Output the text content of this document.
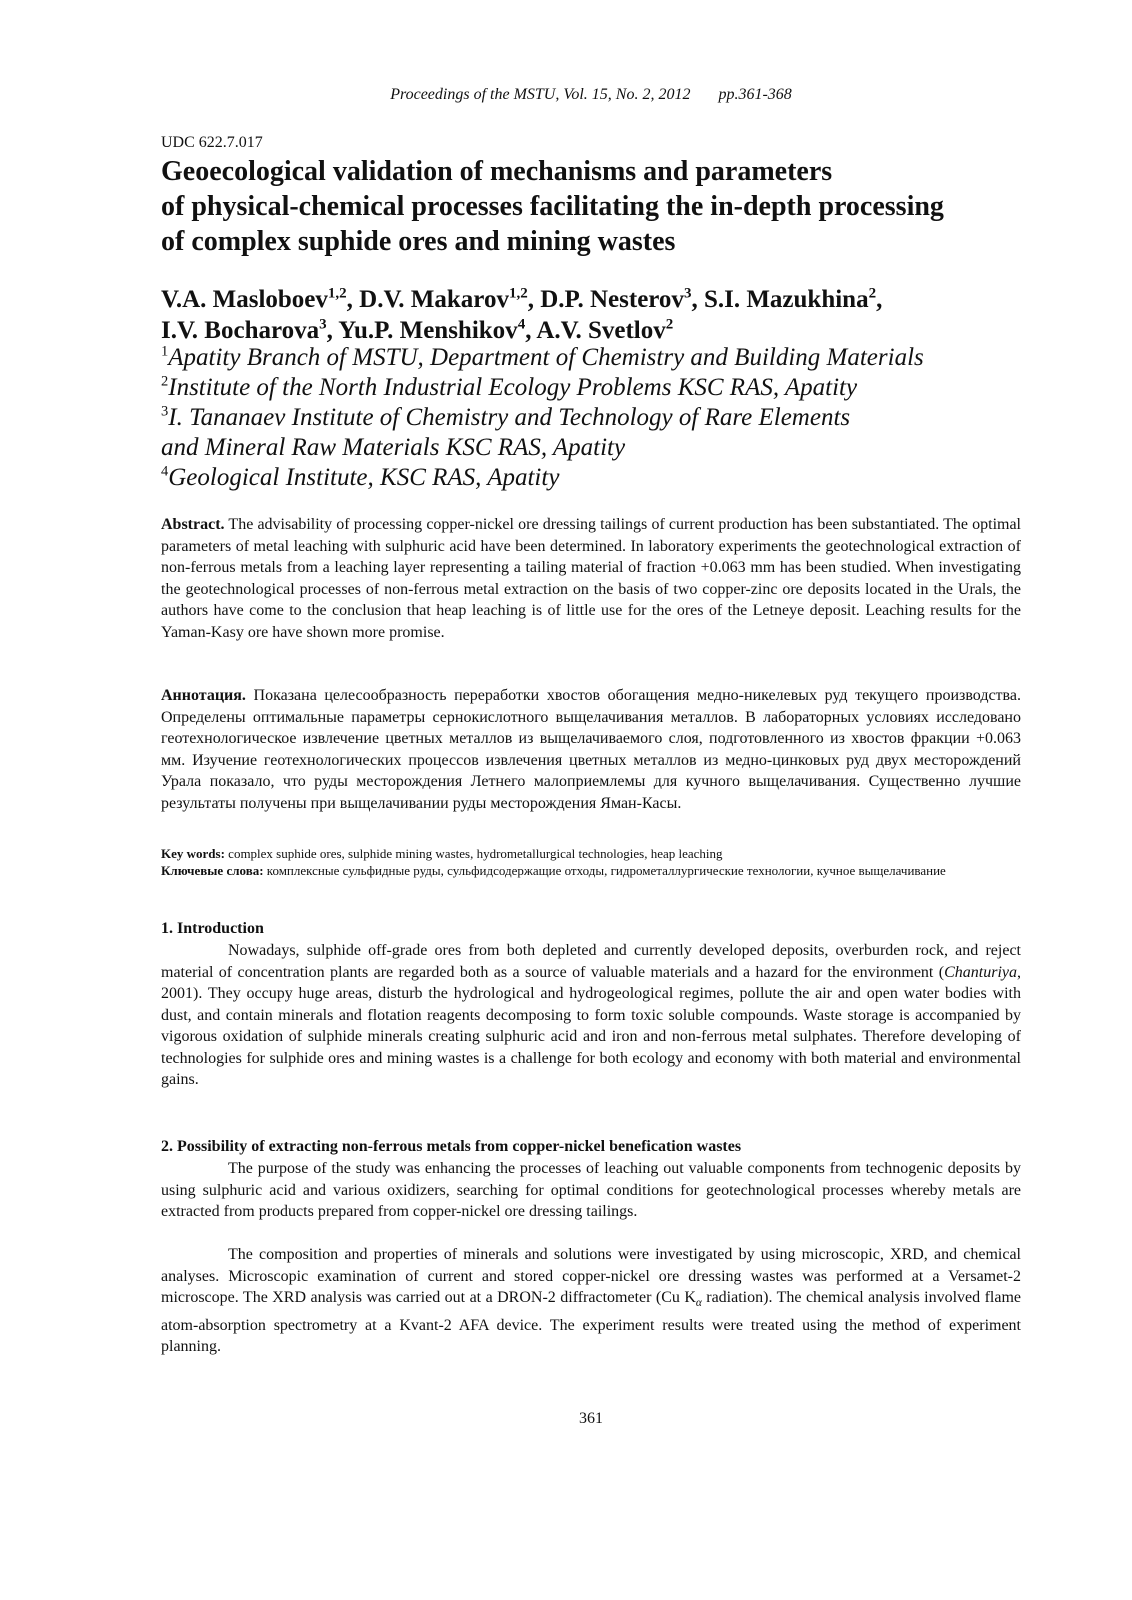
Proceedings of the MSTU, Vol. 15, No. 2, 2012 pp.361-368
UDC 622.7.017
Geoecological validation of mechanisms and parameters
of physical-chemical processes facilitating the in-depth processing
of complex suphide ores and mining wastes
V.A. Masloboev$^{1,2}$, D.V. Makarov$^{1,2}$, D.P. Nesterov$^3$, S.I. Mazukhina$^2$,
I.V. Bocharova$^3$, Yu.P. Menshikov$^4$, A.V. Svetlov$^2$
$^1$Apatity Branch of MSTU, Department of Chemistry and Building Materials
$^2$Institute of the North Industrial Ecology Problems KSC RAS, Apatity
$^3$I. Tananaev Institute of Chemistry and Technology of Rare Elements
and Mineral Raw Materials KSC RAS, Apatity
$^4$Geological Institute, KSC RAS, Apatity
Abstract. The advisability of processing copper-nickel ore dressing tailings of current production has been substantiated. The optimal parameters of metal leaching with sulphuric acid have been determined. In laboratory experiments the geotechnological extraction of non-ferrous metals from a leaching layer representing a tailing material of fraction +0.063 mm has been studied. When investigating the geotechnological processes of non-ferrous metal extraction on the basis of two copper-zinc ore deposits located in the Urals, the authors have come to the conclusion that heap leaching is of little use for the ores of the Letneye deposit. Leaching results for the Yaman-Kasy ore have shown more promise.
Аннотация. Показана целесообразность переработки хвостов обогащения медно-никелевых руд текущего производства. Определены оптимальные параметры сернокислотного выщелачивания металлов. В лабораторных условиях исследовано геотехнологическое извлечение цветных металлов из выщелачиваемого слоя, подготовленного из хвостов фракции +0.063 мм. Изучение геотехнологических процессов извлечения цветных металлов из медно-цинковых руд двух месторождений Урала показало, что руды месторождения Летнего малоприемлемы для кучного выщелачивания. Существенно лучшие результаты получены при выщелачивании руды месторождения Яман-Касы.
Key words: complex suphide ores, sulphide mining wastes, hydrometallurgical technologies, heap leaching
Ключевые слова: комплексные сульфидные руды, сульфидсодержащие отходы, гидрометаллургические технологии, кучное выщелачивание
1. Introduction
Nowadays, sulphide off-grade ores from both depleted and currently developed deposits, overburden rock, and reject material of concentration plants are regarded both as a source of valuable materials and a hazard for the environment (Chanturiya, 2001). They occupy huge areas, disturb the hydrological and hydrogeological regimes, pollute the air and open water bodies with dust, and contain minerals and flotation reagents decomposing to form toxic soluble compounds. Waste storage is accompanied by vigorous oxidation of sulphide minerals creating sulphuric acid and iron and non-ferrous metal sulphates. Therefore developing of technologies for sulphide ores and mining wastes is a challenge for both ecology and economy with both material and environmental gains.
2. Possibility of extracting non-ferrous metals from copper-nickel benefication wastes
The purpose of the study was enhancing the processes of leaching out valuable components from technogenic deposits by using sulphuric acid and various oxidizers, searching for optimal conditions for geotechnological processes whereby metals are extracted from products prepared from copper-nickel ore dressing tailings.
The composition and properties of minerals and solutions were investigated by using microscopic, XRD, and chemical analyses. Microscopic examination of current and stored copper-nickel ore dressing wastes was performed at a Versamet-2 microscope. The XRD analysis was carried out at a DRON-2 diffractometer (Cu $K_\alpha$ radiation). The chemical analysis involved flame atom-absorption spectrometry at a Kvant-2 AFA device. The experiment results were treated using the method of experiment planning.
361
